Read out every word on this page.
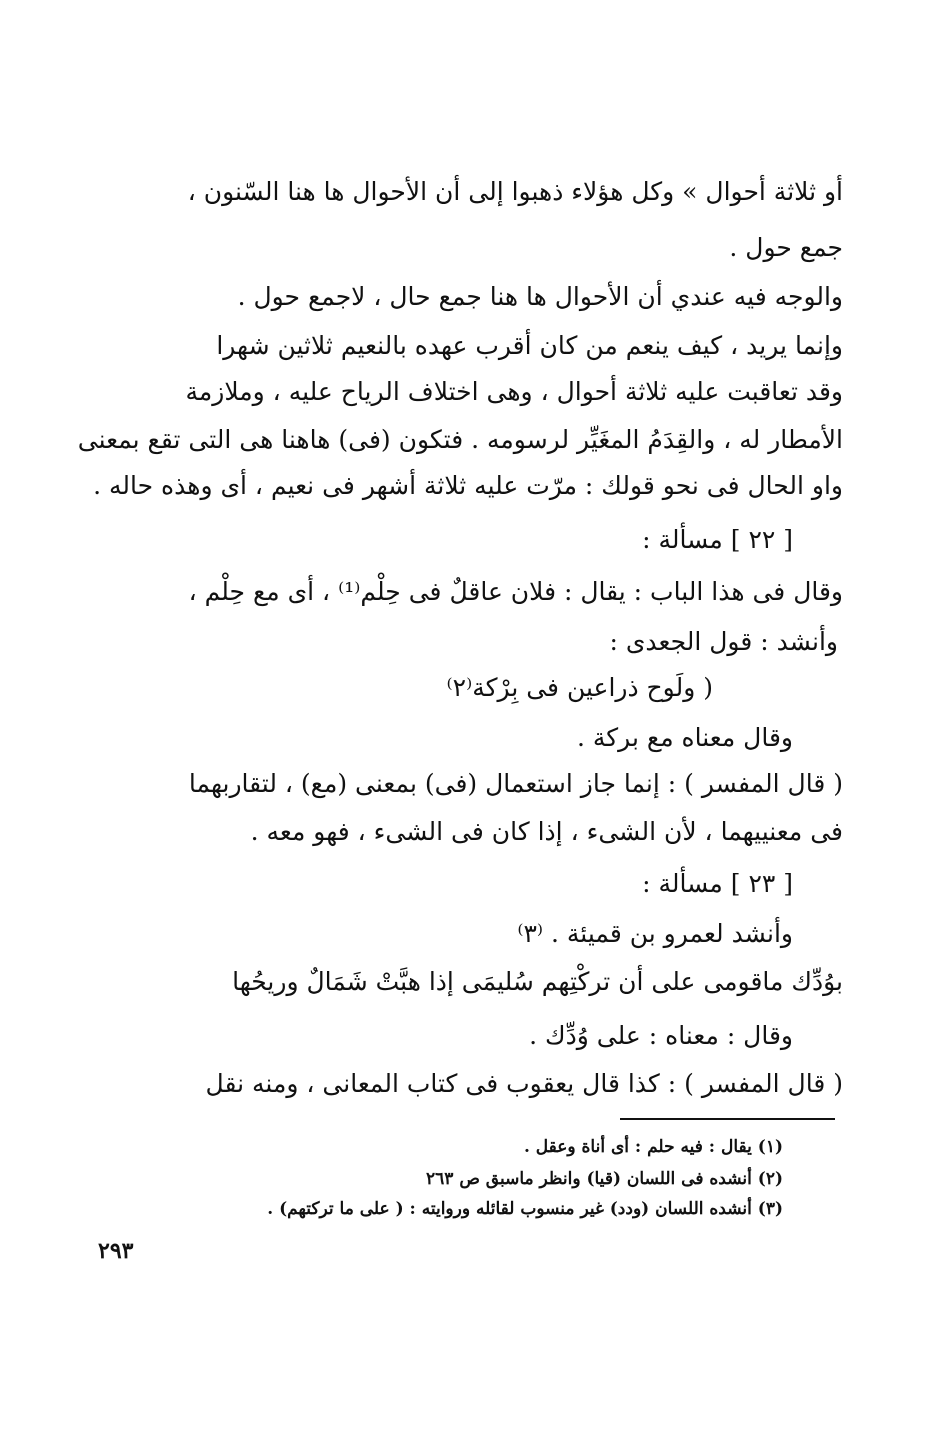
أو ثلاثة أحوال » وكل هؤلاء ذهبوا إلى أن الأحوال ها هنا السّنون ،
جمع حول .
والوجه فيه عندي أن الأحوال ها هنا جمع حال ، لاجمع حول .
وإنما يريد ، كيف ينعم من كان أقرب عهده بالنعيم ثلاثين شهرا
وقد تعاقبت عليه ثلاثة أحوال ، وهى اختلاف الرياح عليه ، وملازمة
الأمطار له ، والقِدَمُ المغَيِّر لرسومه . فتكون (فى) هاهنا هى التى تقع بمعنى
واو الحال فى نحو قولك : مرّت عليه ثلاثة أشهر فى نعيم ، أى وهذه حاله .
[ ٢٢ ] مسألة :
وقال فى هذا الباب : يقال : فلان عاقلٌ فى حِلْم⁽¹⁾ ، أى مع حِلْم ،
وأنشد : قول الجعدى :
( ولَوح ذراعين فى بِرْكة⁽٢⁾
وقال معناه مع بركة .
( قال المفسر ) : إنما جاز استعمال (فى) بمعنى (مع) ، لتقاربهما
فى معنييهما ، لأن الشىء ، إذا كان فى الشىء ، فهو معه .
[ ٢٣ ] مسألة :
وأنشد لعمرو بن قميئة . ⁽٣⁾
بوُدِّك ماقومى على أن تركْتِهم سُليمَى إذا هبَّتْ شَمَالٌ وريحُها
وقال : معناه : على وُدِّك .
( قال المفسر ) : كذا قال يعقوب فى كتاب المعانى ، ومنه نقل
(١) يقال : فيه حلم : أى أناة وعقل .
(٢) أنشده فى اللسان (قيا) وانظر ماسبق ص ٢٦٣
(٣) أنشده اللسان (ودد) غير منسوب لقائله وروايته : ( على ما تركتهم) .
٢٩٣
